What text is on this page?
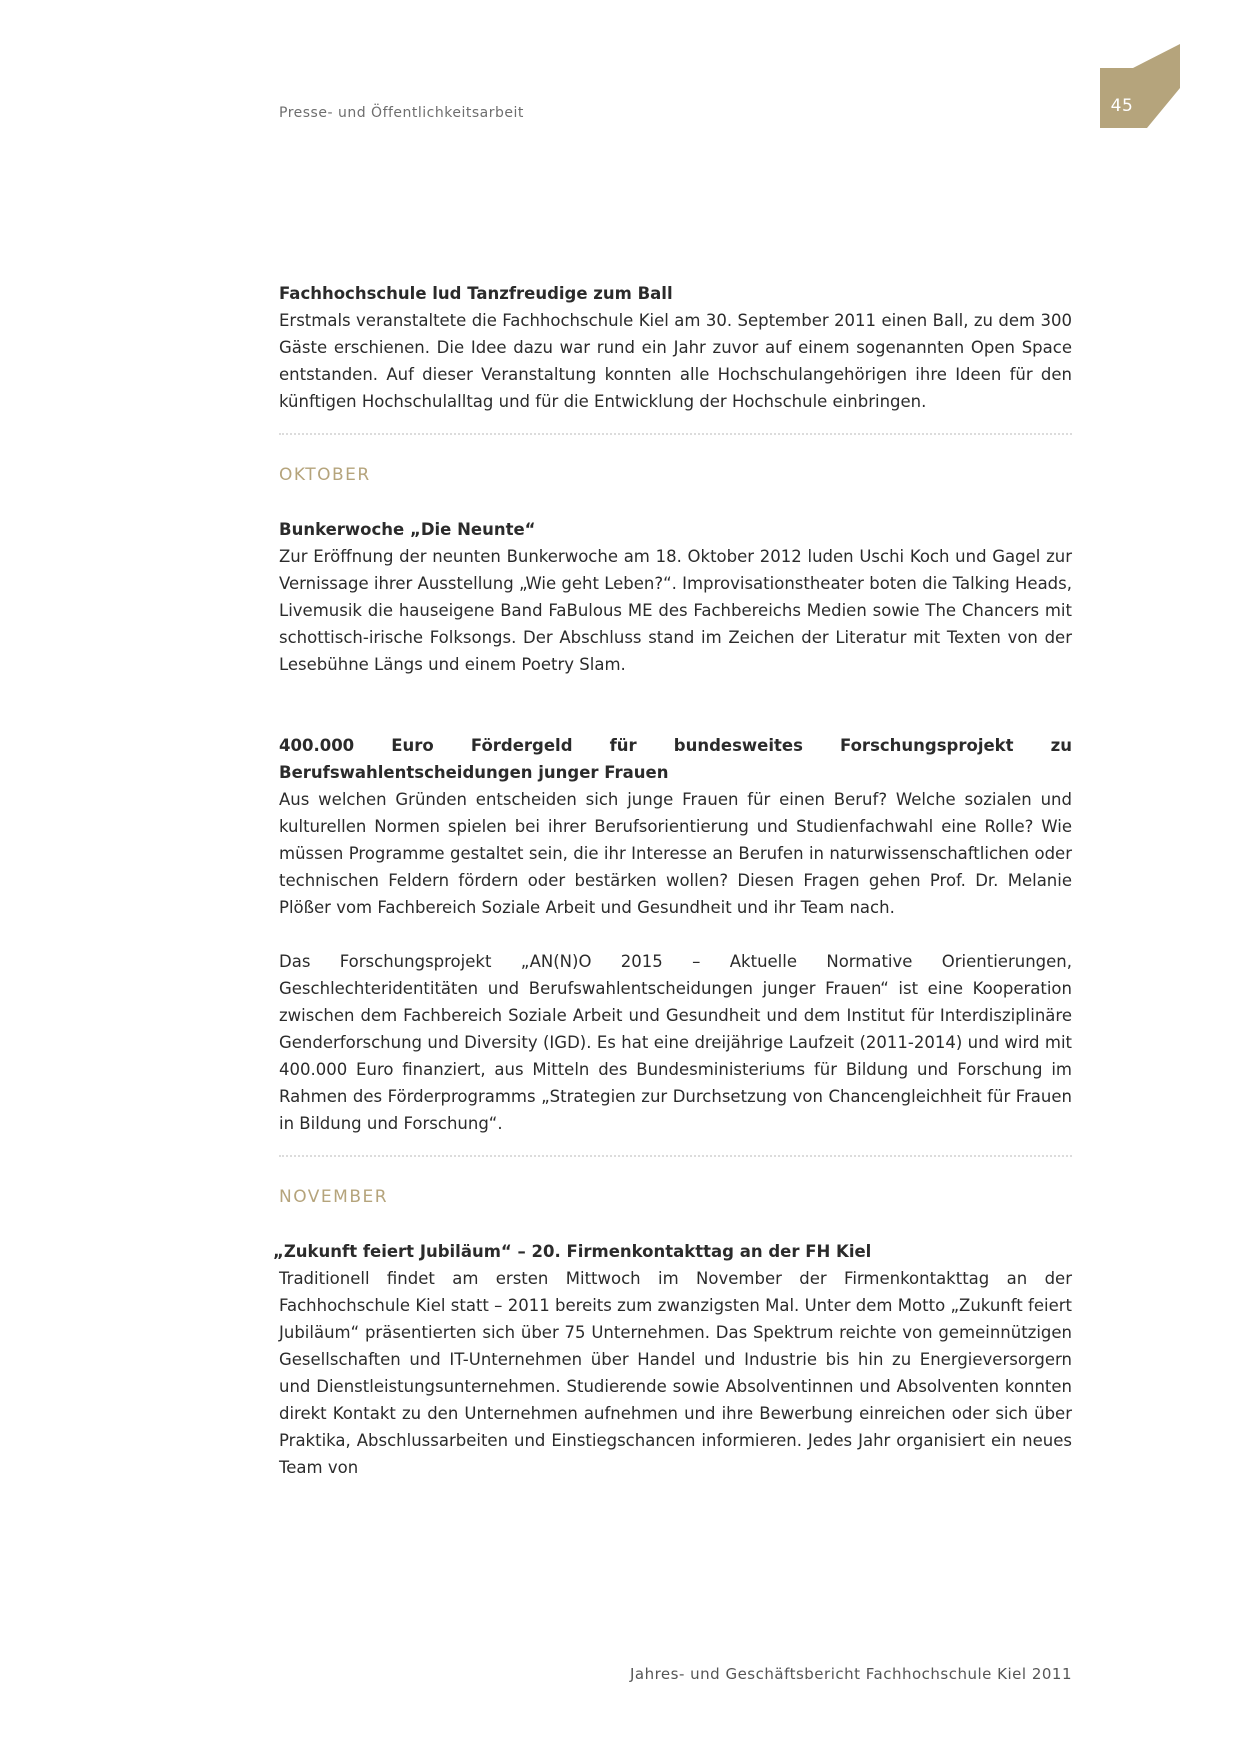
Presse- und Öffentlichkeitsarbeit	45

Fachhochschule lud Tanzfreudige zum Ball

Erstmals veranstaltete die Fachhochschule Kiel am 30. September 2011 einen Ball, zu dem 300 Gäste erschienen. Die Idee dazu war rund ein Jahr zuvor auf einem sogenannten Open Space entstanden. Auf dieser Veranstaltung konnten alle Hochschulangehörigen ihre Ideen für den künftigen Hochschulalltag und für die Entwicklung der Hochschule einbringen.

OKTOBER

Bunkerwoche „Die Neunte“

Zur Eröffnung der neunten Bunkerwoche am 18. Oktober 2012 luden Uschi Koch und Gagel zur Vernissage ihrer Ausstellung „Wie geht Leben?“. Improvisationstheater boten die Talking Heads, Livemusik die hauseigene Band FaBulous ME des Fachbereichs Medien sowie The Chancers mit schottisch-irische Folksongs. Der Abschluss stand im Zeichen der Literatur mit Texten von der Lesebühne Längs und einem Poetry Slam.

400.000 Euro Fördergeld für bundesweites Forschungsprojekt zu Berufswahlentscheidungen junger Frauen

Aus welchen Gründen entscheiden sich junge Frauen für einen Beruf? Welche sozialen und kulturellen Normen spielen bei ihrer Berufsorientierung und Studienfachwahl eine Rolle? Wie müssen Programme gestaltet sein, die ihr Interesse an Berufen in naturwissenschaftlichen oder technischen Feldern fördern oder bestärken wollen? Diesen Fragen gehen Prof. Dr. Melanie Plößer vom Fachbereich Soziale Arbeit und Gesundheit und ihr Team nach.

Das Forschungsprojekt „AN(N)O 2015 – Aktuelle Normative Orientierungen, Geschlechteridentitäten und Berufswahlentscheidungen junger Frauen“ ist eine Kooperation zwischen dem Fachbereich Soziale Arbeit und Gesundheit und dem Institut für Interdisziplinäre Genderforschung und Diversity (IGD). Es hat eine dreijährige Laufzeit (2011-2014) und wird mit 400.000 Euro finanziert, aus Mitteln des Bundesministeriums für Bildung und Forschung im Rahmen des Förderprogramms „Strategien zur Durchsetzung von Chancengleichheit für Frauen in Bildung und Forschung“.

NOVEMBER

„Zukunft feiert Jubiläum“ – 20. Firmenkontakttag an der FH Kiel

Traditionell findet am ersten Mittwoch im November der Firmenkontakttag an der Fachhochschule Kiel statt – 2011 bereits zum zwanzigsten Mal. Unter dem Motto „Zukunft feiert Jubiläum“ präsentierten sich über 75 Unternehmen. Das Spektrum reichte von gemeinnützigen Gesellschaften und IT-Unternehmen über Handel und Industrie bis hin zu Energieversorgern und Dienstleistungsunternehmen. Studierende sowie Absolventinnen und Absolventen konnten direkt Kontakt zu den Unternehmen aufnehmen und ihre Bewerbung einreichen oder sich über Praktika, Abschlussarbeiten und Einstiegschancen informieren. Jedes Jahr organisiert ein neues Team von

Jahres- und Geschäftsbericht Fachhochschule Kiel 2011
